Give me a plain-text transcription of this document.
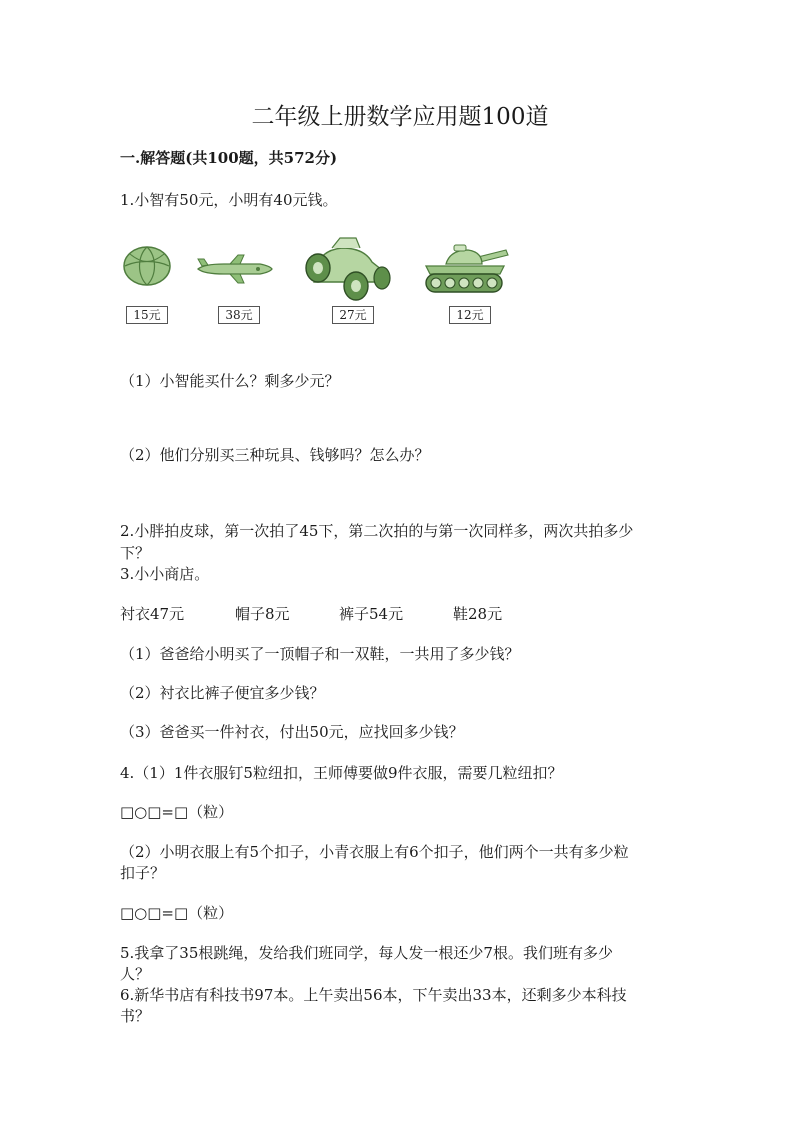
二年级上册数学应用题100道
一.解答题(共100题，共572分)
1.小智有50元，小明有40元钱。
15元	38元	27元	12元
（1）小智能买什么？剩多少元？
（2）他们分别买三种玩具、钱够吗？怎么办？
2.小胖拍皮球，第一次拍了45下，第二次拍的与第一次同样多，两次共拍多少
下？
3.小小商店。
衬衣47元	帽子8元	裤子54元	鞋28元
（1）爸爸给小明买了一顶帽子和一双鞋，一共用了多少钱？
（2）衬衣比裤子便宜多少钱？
（3）爸爸买一件衬衣，付出50元，应找回多少钱？
4.（1）1件衣服钉5粒纽扣，王师傅要做9件衣服，需要几粒纽扣？
□○□=□（粒）
（2）小明衣服上有5个扣子，小青衣服上有6个扣子，他们两个一共有多少粒
扣子？
□○□=□（粒）
5.我拿了35根跳绳，发给我们班同学，每人发一根还少7根。我们班有多少
人？
6.新华书店有科技书97本。上午卖出56本，下午卖出33本，还剩多少本科技
书？
